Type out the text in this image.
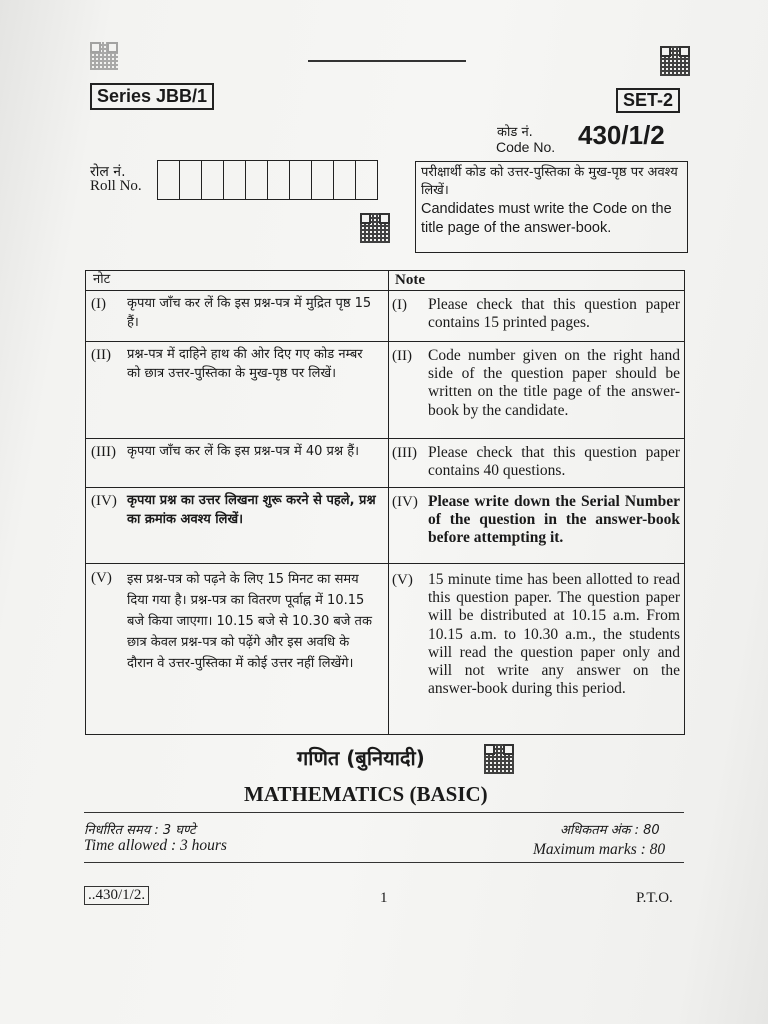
Series JBB/1	SET-2
कोड नं.
Code No. 430/1/2
रोल नं.
Roll No.
परीक्षार्थी कोड को उत्तर-पुस्तिका के मुख-पृष्ठ पर अवश्य लिखें।
Candidates must write the Code on the title page of the answer-book.
नोट	Note
(I) कृपया जाँच कर लें कि इस प्रश्न-पत्र में मुद्रित पृष्ठ 15 हैं।
(I) Please check that this question paper contains 15 printed pages.
(II) प्रश्न-पत्र में दाहिने हाथ की ओर दिए गए कोड नम्बर को छात्र उत्तर-पुस्तिका के मुख-पृष्ठ पर लिखें।
(II) Code number given on the right hand side of the question paper should be written on the title page of the answer-book by the candidate.
(III) कृपया जाँच कर लें कि इस प्रश्न-पत्र में 40 प्रश्न हैं।	(III) Please check that this question paper contains 40 questions.
(IV) कृपया प्रश्न का उत्तर लिखना शुरू करने से पहले, प्रश्न का क्रमांक अवश्य लिखें।
(IV) Please write down the Serial Number of the question in the answer-book before attempting it.
(V) इस प्रश्न-पत्र को पढ़ने के लिए 15 मिनट का समय दिया गया है। प्रश्न-पत्र का वितरण पूर्वाह्न में 10.15 बजे किया जाएगा। 10.15 बजे से 10.30 बजे तक छात्र केवल प्रश्न-पत्र को पढ़ेंगे और इस अवधि के दौरान वे उत्तर-पुस्तिका में कोई उत्तर नहीं लिखेंगे।
(V) 15 minute time has been allotted to read this question paper. The question paper will be distributed at 10.15 a.m. From 10.15 a.m. to 10.30 a.m., the students will read the question paper only and will not write any answer on the answer-book during this period.
गणित (बुनियादी)
MATHEMATICS (BASIC)
निर्धारित समय : 3 घण्टे
Time allowed : 3 hours
अधिकतम अंक : 80
Maximum marks : 80
..430/1/2.	1	P.T.O.
